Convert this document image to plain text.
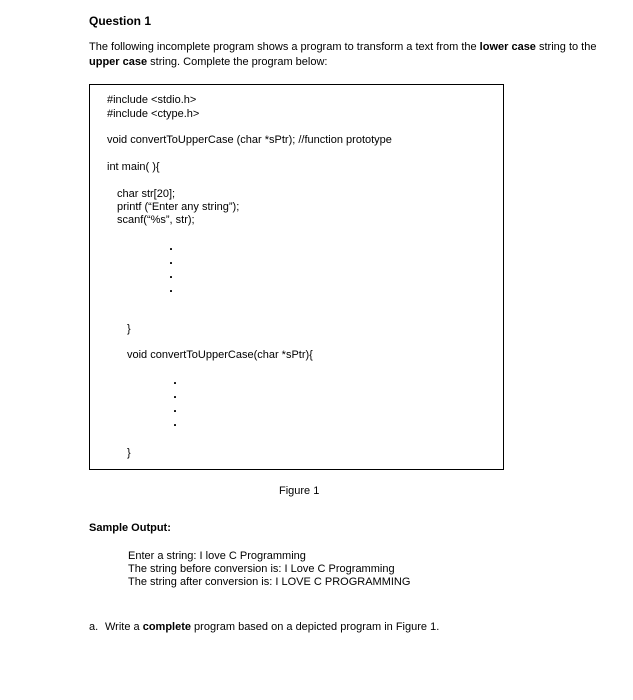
Question 1
The following incomplete program shows a program to transform a text from the lower case string to the upper case string. Complete the program below:
#include <stdio.h>
#include <ctype.h>
void convertToUpperCase (char *sPtr); //function prototype
int main( ){
char str[20];
printf (“Enter any string”);
scanf(“%s”, str);
}
void convertToUpperCase(char *sPtr){
}
Figure 1
Sample Output:
Enter a string: I love C Programming
The string before conversion is: I Love C Programming
The string after conversion is: I LOVE C PROGRAMMING
a. Write a complete program based on a depicted program in Figure 1.
